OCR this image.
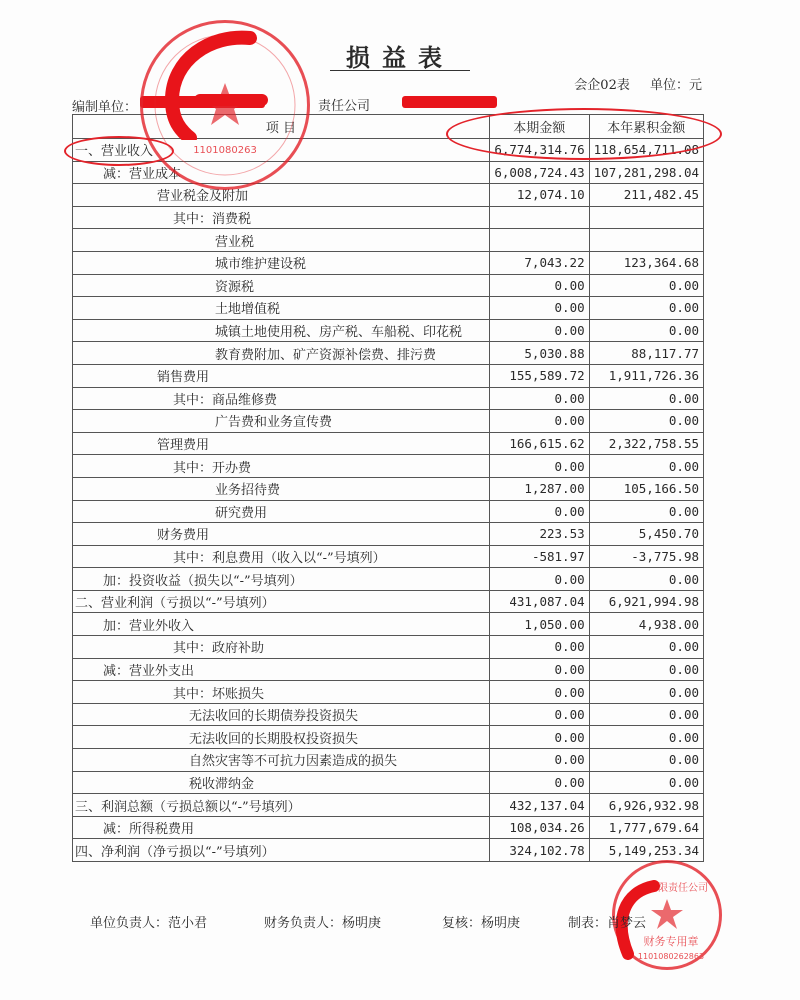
损益表
会企02表 单位：元
编制单位：	责任公司
项 目	本期金额	本年累积金额
一、营业收入	6,774,314.76	118,654,711.08
减：营业成本	6,008,724.43	107,281,298.04
营业税金及附加	12,074.10	211,482.45
其中：消费税		
营业税		
城市维护建设税	7,043.22	123,364.68
资源税	0.00	0.00
土地增值税	0.00	0.00
城镇土地使用税、房产税、车船税、印花税	0.00	0.00
教育费附加、矿产资源补偿费、排污费	5,030.88	88,117.77
销售费用	155,589.72	1,911,726.36
其中：商品维修费	0.00	0.00
广告费和业务宣传费	0.00	0.00
管理费用	166,615.62	2,322,758.55
其中：开办费	0.00	0.00
业务招待费	1,287.00	105,166.50
研究费用	0.00	0.00
财务费用	223.53	5,450.70
其中：利息费用（收入以“-”号填列）	-581.97	-3,775.98
加：投资收益（损失以“-”号填列）	0.00	0.00
二、营业利润（亏损以“-”号填列）	431,087.04	6,921,994.98
加：营业外收入	1,050.00	4,938.00
其中：政府补助	0.00	0.00
减：营业外支出	0.00	0.00
其中：坏账损失	0.00	0.00
无法收回的长期债券投资损失	0.00	0.00
无法收回的长期股权投资损失	0.00	0.00
自然灾害等不可抗力因素造成的损失	0.00	0.00
税收滞纳金	0.00	0.00
三、利润总额（亏损总额以“-”号填列）	432,137.04	6,926,932.98
减：所得税费用	108,034.26	1,777,679.64
四、净利润（净亏损以“-”号填列）	324,102.78	5,149,253.34
1101080263
限责任公司
财务专用章
1101080262863
单位负责人：范小君	财务负责人：杨明庚	复核：杨明庚	制表：肖梦云
